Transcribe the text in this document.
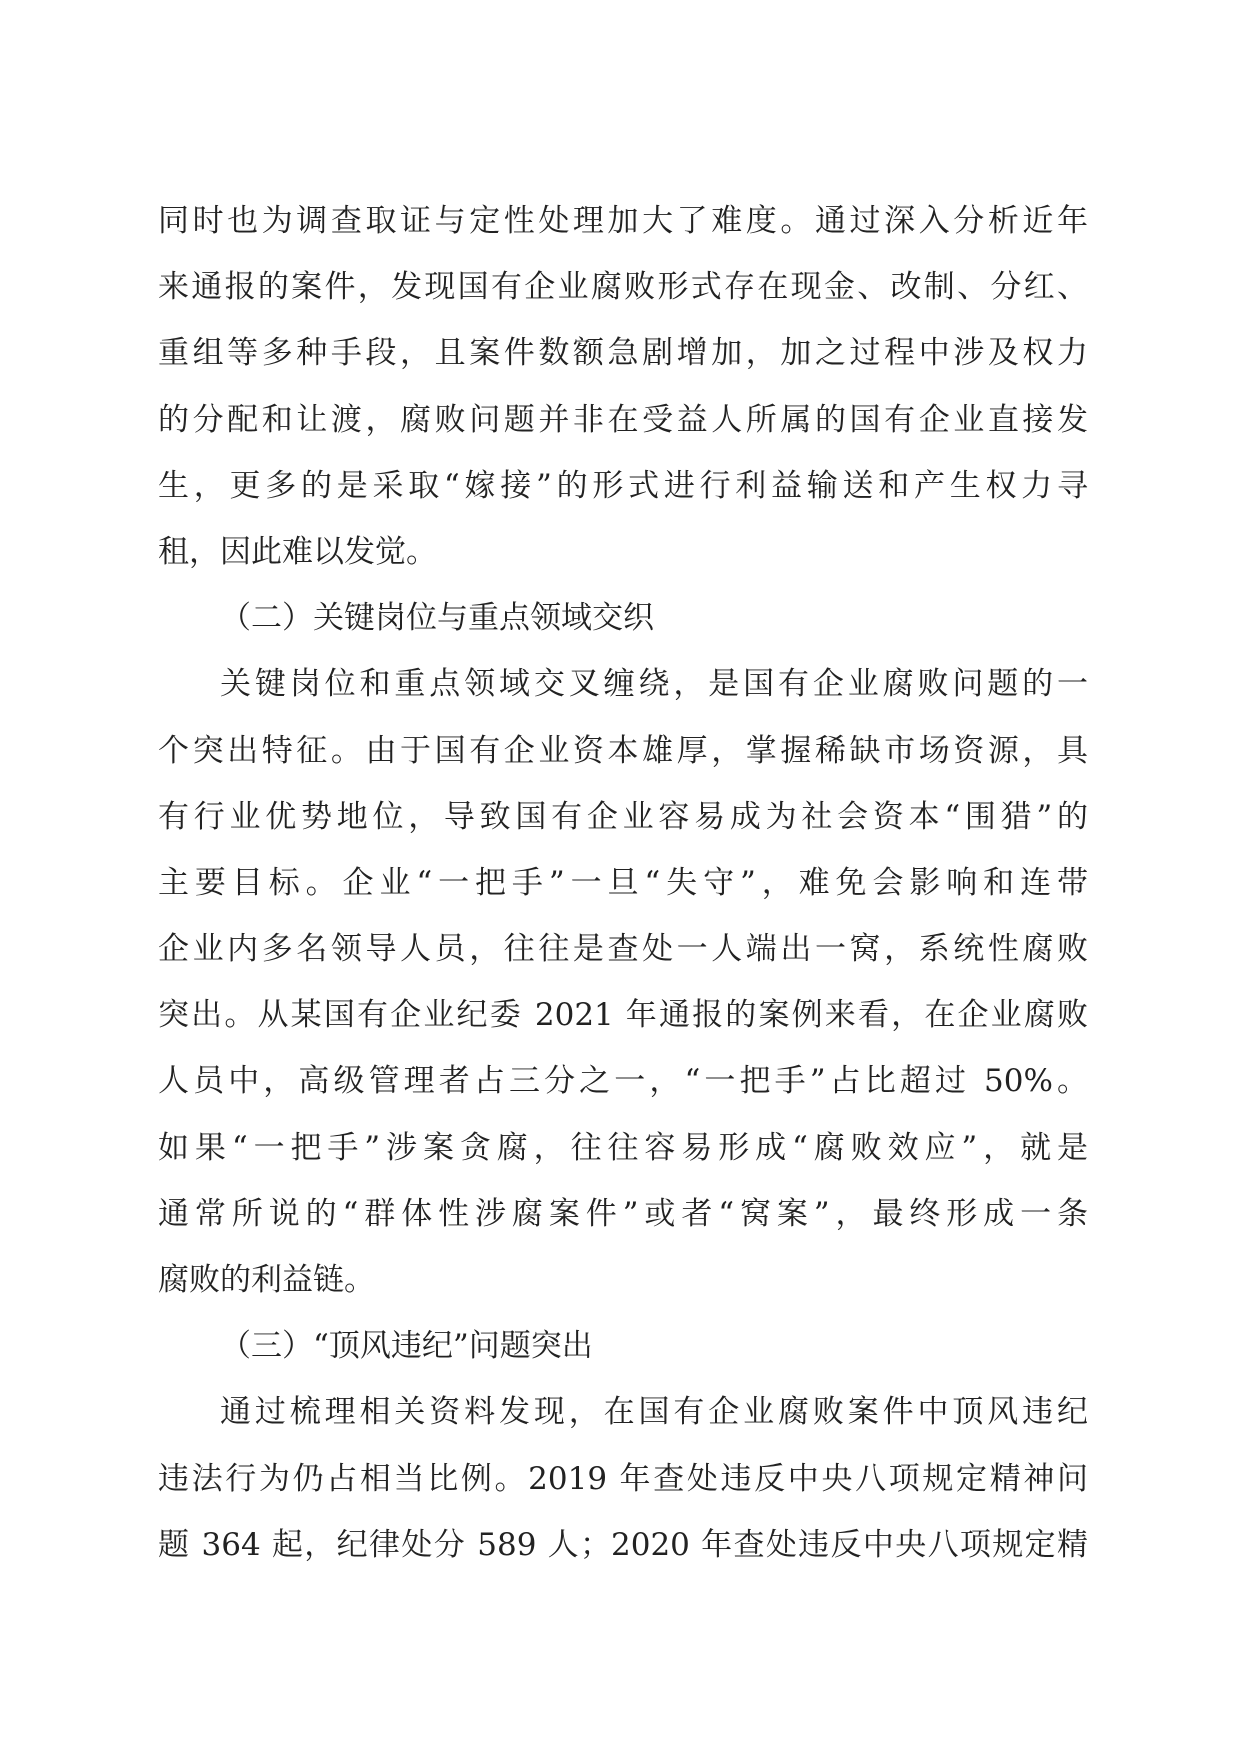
同时也为调查取证与定性处理加大了难度。通过深入分析近年
来通报的案件，发现国有企业腐败形式存在现金、改制、分红、
重组等多种手段，且案件数额急剧增加，加之过程中涉及权力
的分配和让渡，腐败问题并非在受益人所属的国有企业直接发
生，更多的是采取“嫁接”的形式进行利益输送和产生权力寻
租，因此难以发觉。
（二）关键岗位与重点领域交织
关键岗位和重点领域交叉缠绕，是国有企业腐败问题的一
个突出特征。由于国有企业资本雄厚，掌握稀缺市场资源，具
有行业优势地位，导致国有企业容易成为社会资本“围猎”的
主要目标。企业“一把手”一旦“失守”，难免会影响和连带
企业内多名领导人员，往往是查处一人端出一窝，系统性腐败
突出。从某国有企业纪委 2021 年通报的案例来看，在企业腐败
人员中，高级管理者占三分之一，“一把手”占比超过 50%。
如果“一把手”涉案贪腐，往往容易形成“腐败效应”，就是
通常所说的“群体性涉腐案件”或者“窝案”，最终形成一条
腐败的利益链。
（三）“顶风违纪”问题突出
通过梳理相关资料发现，在国有企业腐败案件中顶风违纪
违法行为仍占相当比例。2019 年查处违反中央八项规定精神问
题 364 起，纪律处分 589 人；2020 年查处违反中央八项规定精
